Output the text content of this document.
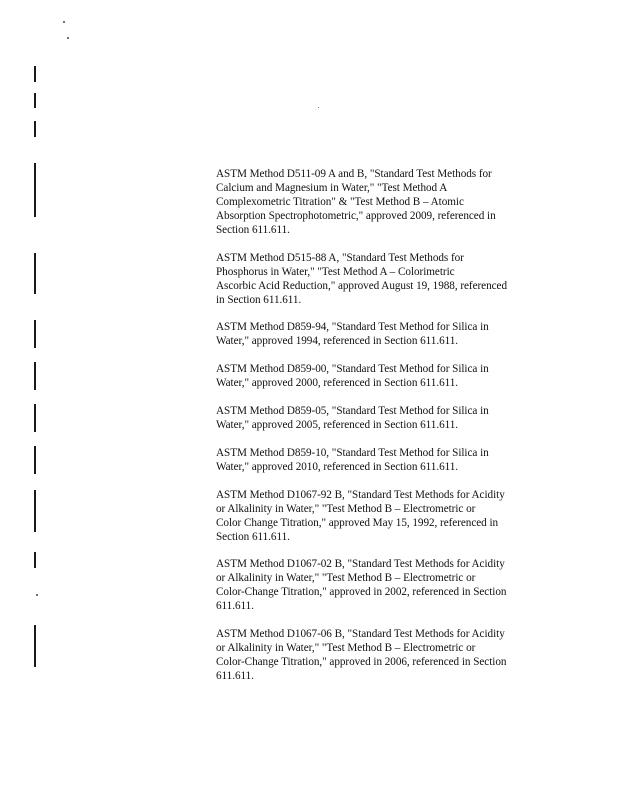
ASTM Method D511-09 A and B, "Standard Test Methods for
Calcium and Magnesium in Water," "Test Method A
Complexometric Titration" & "Test Method B – Atomic
Absorption Spectrophotometric," approved 2009, referenced in
Section 611.611.
ASTM Method D515-88 A, "Standard Test Methods for
Phosphorus in Water," "Test Method A – Colorimetric
Ascorbic Acid Reduction," approved August 19, 1988, referenced
in Section 611.611.
ASTM Method D859-94, "Standard Test Method for Silica in
Water," approved 1994, referenced in Section 611.611.
ASTM Method D859-00, "Standard Test Method for Silica in
Water," approved 2000, referenced in Section 611.611.
ASTM Method D859-05, "Standard Test Method for Silica in
Water," approved 2005, referenced in Section 611.611.
ASTM Method D859-10, "Standard Test Method for Silica in
Water," approved 2010, referenced in Section 611.611.
ASTM Method D1067-92 B, "Standard Test Methods for Acidity
or Alkalinity in Water," "Test Method B – Electrometric or
Color Change Titration," approved May 15, 1992, referenced in
Section 611.611.
ASTM Method D1067-02 B, "Standard Test Methods for Acidity
or Alkalinity in Water," "Test Method B – Electrometric or
Color-Change Titration," approved in 2002, referenced in Section
611.611.
ASTM Method D1067-06 B, "Standard Test Methods for Acidity
or Alkalinity in Water," "Test Method B – Electrometric or
Color-Change Titration," approved in 2006, referenced in Section
611.611.
